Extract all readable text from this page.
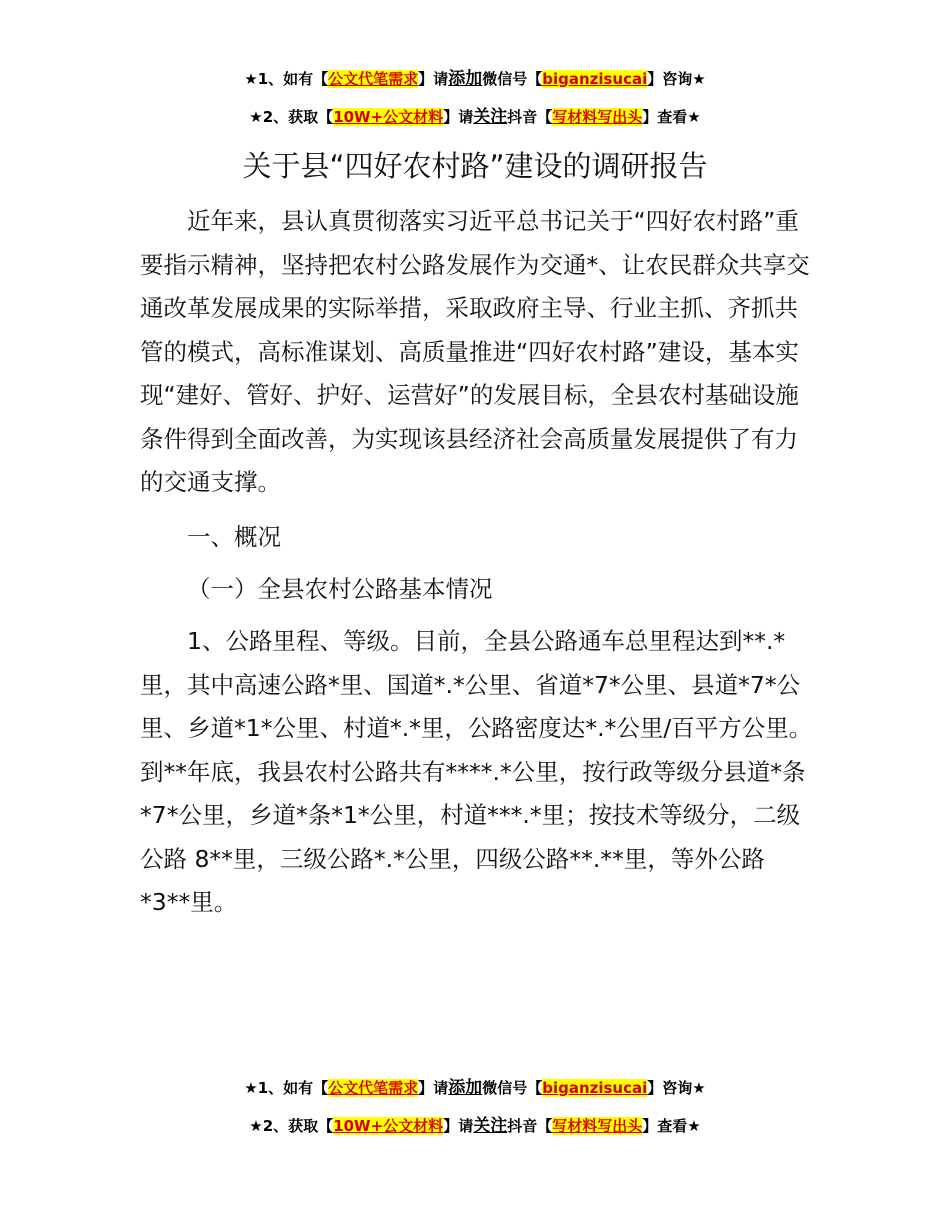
★1、如有【公文代笔需求】请添加微信号【biganzisucai】咨询★
★2、获取【10W+公文材料】请关注抖音【写材料写出头】查看★
关于县“四好农村路”建设的调研报告

近年来，县认真贯彻落实习近平总书记关于“四好农村路”重要指示精神，坚持把农村公路发展作为交通*、让农民群众共享交通改革发展成果的实际举措，采取政府主导、行业主抓、齐抓共管的模式，高标准谋划、高质量推进“四好农村路”建设，基本实现“建好、管好、护好、运营好”的发展目标，全县农村基础设施条件得到全面改善，为实现该县经济社会高质量发展提供了有力的交通支撑。

一、概况

（一）全县农村公路基本情况

1、公路里程、等级。目前，全县公路通车总里程达到**.*里，其中高速公路*里、国道*.*公里、省道*7*公里、县道*7*公里、乡道*1*公里、村道*.*里，公路密度达*.*公里/百平方公里。到**年底，我县农村公路共有****.*公里，按行政等级分县道*条*7*公里，乡道*条*1*公里，村道***.*里；按技术等级分，二级公路 8**里，三级公路*.*公里，四级公路**.**里，等外公路*3**里。

★1、如有【公文代笔需求】请添加微信号【biganzisucai】咨询★
★2、获取【10W+公文材料】请关注抖音【写材料写出头】查看★
